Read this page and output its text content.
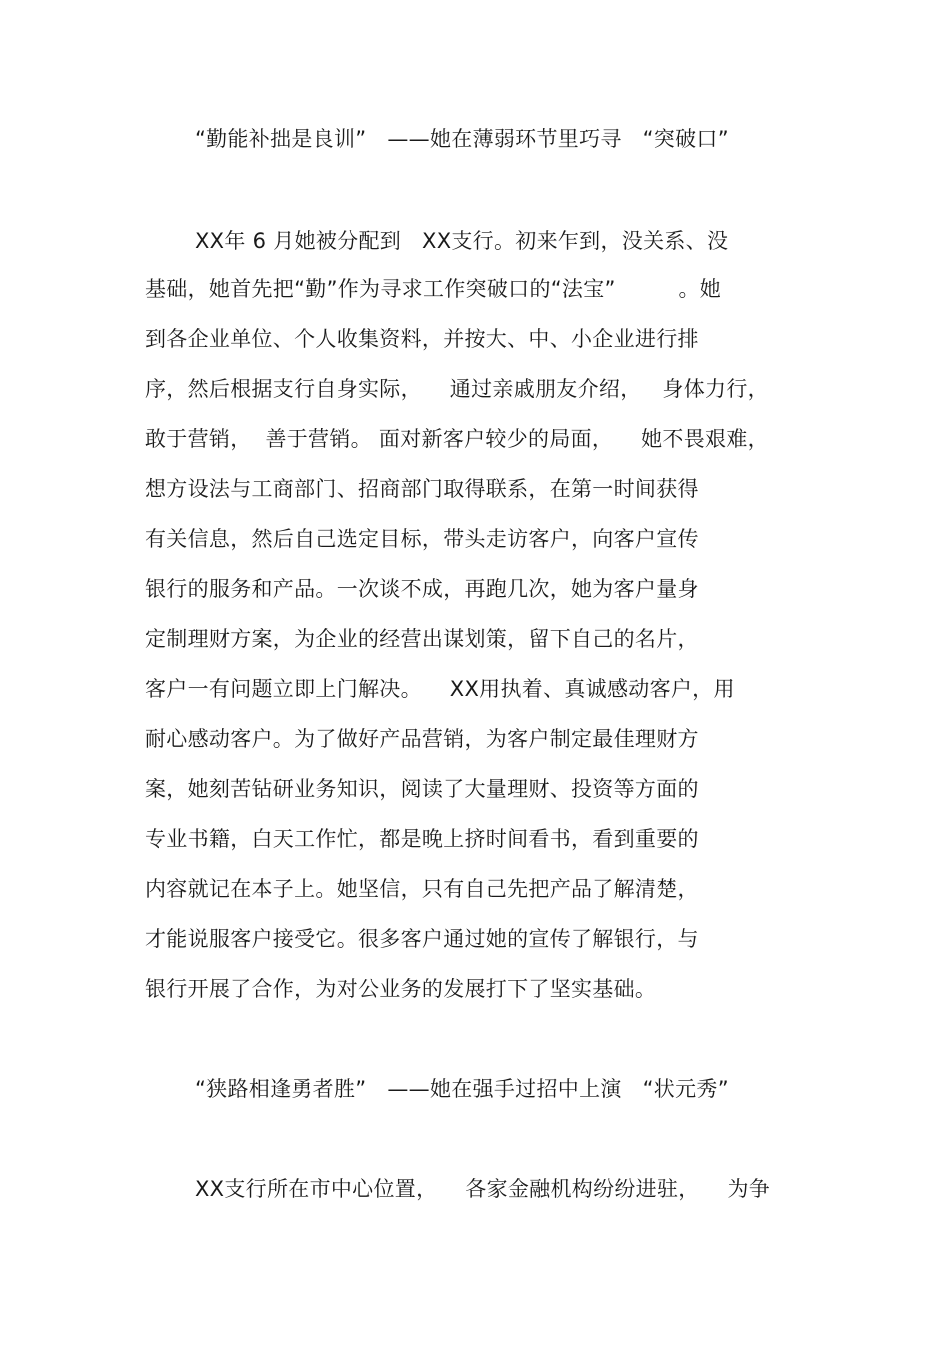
“勤能补拙是良训”   ——她在薄弱环节里巧寻   “突破口”
XX年 6 月她被分配到   XX支行。初来乍到，没关系、没
基础，她首先把“勤”作为寻求工作突破口的“法宝”         。她
到各企业单位、个人收集资料，并按大、中、小企业进行排
序，然后根据支行自身实际，    通过亲戚朋友介绍，   身体力行，
敢于营销，  善于营销。 面对新客户较少的局面，    她不畏艰难，
想方设法与工商部门、招商部门取得联系，在第一时间获得
有关信息，然后自己选定目标，带头走访客户，向客户宣传
银行的服务和产品。一次谈不成，再跑几次，她为客户量身
定制理财方案，为企业的经营出谋划策，留下自己的名片，
客户一有问题立即上门解决。    XX用执着、真诚感动客户，用
耐心感动客户。为了做好产品营销，为客户制定最佳理财方
案，她刻苦钻研业务知识，阅读了大量理财、投资等方面的
专业书籍，白天工作忙，都是晚上挤时间看书，看到重要的
内容就记在本子上。她坚信，只有自己先把产品了解清楚，
才能说服客户接受它。很多客户通过她的宣传了解银行，与
银行开展了合作，为对公业务的发展打下了坚实基础。
“狭路相逢勇者胜”   ——她在强手过招中上演   “状元秀”
XX支行所在市中心位置，    各家金融机构纷纷进驻，    为争
